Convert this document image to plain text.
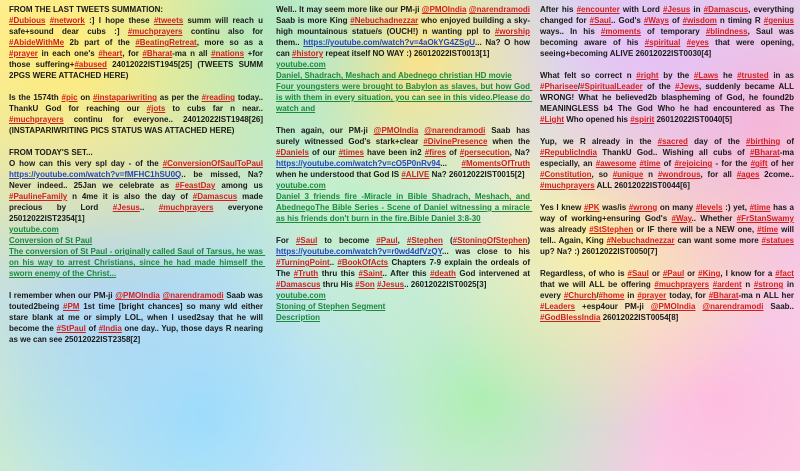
FROM THE LAST TWEETS SUMMATION:
#Dubious #network :] I hope these #tweets summ will reach u safe+sound dear cubs :] #muchprayers continu also for #AbideWithMe 2b part of the #BeatingRetreat, more so as a #prayer in each one's #heart, for #Bharat-ma n all #nations +for those suffering+#abused 24012022IST1945[25] (TWEETS SUMM 2PGS WERE ATTACHED HERE)

Is the 1574th #pic on #instapariwriting as per the #reading today.. ThankU God for reaching our #jots to cubs far n near.. #muchprayers continu for everyone.. 24012022IST1948[26] (INSTAPARIWRITING PICS STATUS WAS ATTACHED HERE)

FROM TODAY'S SET...
O how can this very spl day - of the #ConversionOfSaulToPaul https://youtube.com/watch?v=fMFHC1hSU0Q.. be missed, Na? Never indeed.. 25Jan we celebrate as #FeastDay among us #PaulineFamily n 4me it is also the day of #Damascus made precious by Lord #Jesus.. #muchprayers everyone 25012022IST2354[1]
youtube.com
Conversion of St Paul
The conversion of St Paul - originally called Saul of Tarsus, he was on his way to arrest Christians, since he had made himself the sworn enemy of the Christ...

I remember when our PM-ji @PMOIndia @narendramodi Saab was touted2being #PM 1st time [bright chances] so many wld either stare blank at me or simply LOL, when I used2say that he will become the #StPaul of #India one day.. Yup, those days R nearing as we can see 25012022IST2358[2]

Well.. It may seem more like our PM-ji @PMOIndia @narendramodi Saab is more King #Nebuchadnezzar who enjoyed building a sky-high mountainous statue/s (OUCH!) n wanting ppl to #worship them.. https://youtube.com/watch?v=4aOkYG4ZSgU... Na? O how can #history repeat itself NO WAY :) 26012022IST0013[1]
youtube.com
Daniel, Shadrach, Meshach and Abednego christian HD movie
Four youngsters were brought to Babylon as slaves, but how God is with them in every situation, you can see in this video.Please do watch and

Then again, our PM-ji @PMOIndia @narendramodi Saab has surely witnessed God's stark+clear #DivinePresence when the #Daniels of our #times have been in2 #fires of #persecution, Na? https://youtube.com/watch?v=cO5P0nRv94... #MomentsOfTruth when he understood that God IS #ALIVE Na? 26012022IST0015[2]
youtube.com
Daniel 3 friends fire -Miracle in Bible Shadrach, Meshach, and AbednegoThe Bible Series - Scene of Daniel witnessing a miracle as his friends don't burn in the fire.Bible Daniel 3:8-30

For #Saul to become #Paul, #Stephen (#StoningOfStephen) https://youtube.com/watch?v=r0wd4dfVzQY... was close to his #TurningPoint.. #BookOfActs Chapters 7-9 explain the ordeals of The #Truth thru this #Saint.. After this #death God intervened at #Damascus thru His #Son #Jesus.. 26012022IST0025[3]
youtube.com
Stoning of Stephen Segment
Description

After his #encounter with Lord #Jesus in #Damascus, everything changed for #Saul.. God's #Ways of #wisdom n timing R #genius ways.. In his #moments of temporary #blindness, Saul was becoming aware of his #spiritual #eyes that were opening, seeing+becoming ALIVE 26012022IST0030[4]

What felt so correct n #right by the #Laws he #trusted in as #Pharisee/#SpiritualLeader of the #Jews, suddenly became ALL WRONG! What he believed2b blaspheming of God, he found2b MEANINGLESS b4 The God Who he had encountered as The #Light Who opened his #spirit 26012022IST0040[5]

Yup, we R already in the #sacred day of the #birthing of #RepublicIndia ThankU God.. Wishing all cubs of #Bharat-ma especially, an #awesome #time of #rejoicing - for the #gift of her #Constitution, so #unique n #wondrous, for all #ages 2come.. #muchprayers ALL 26012022IST0044[6]

Yes I knew #PK was/is #wrong on many #levels :) yet, #time has a way of working+ensuring God's #Way.. Whether #FrStanSwamy was already #StStephen or IF there will be a NEW one, #time will tell.. Again, King #Nebuchadnezzar can want some more #statues up? Na? :) 26012022IST0050[7]

Regardless, of who is #Saul or #Paul or #King, I know for a #fact that we will ALL be offering #muchprayers #ardent n #strong in every #Church/#home in #prayer today, for #Bharat-ma n ALL her #Leaders +esp4our PM-ji @PMOIndia @narendramodi Saab.. #GodBlessIndia 26012022IST0054[8]
